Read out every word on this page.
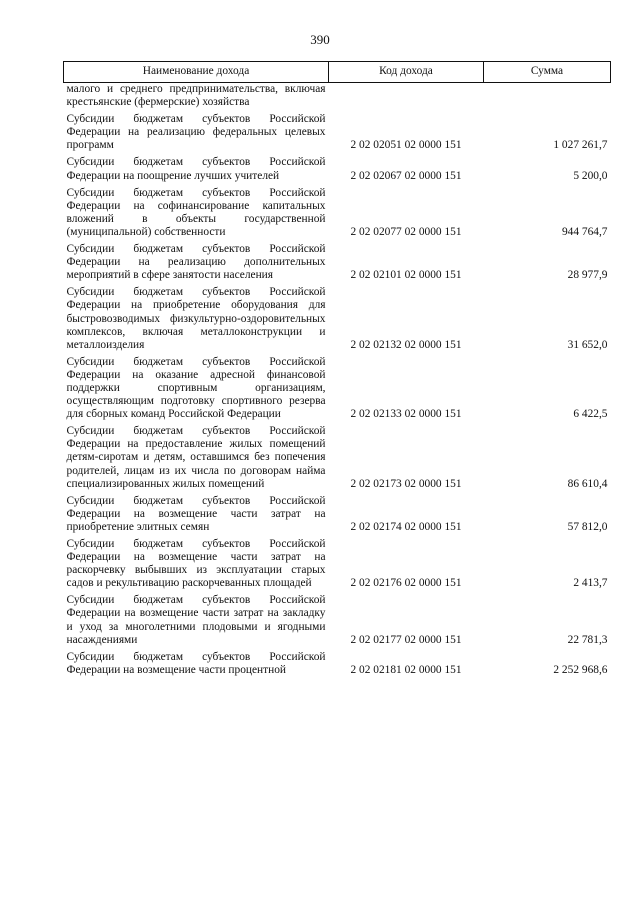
390
Наименование дохода	Код дохода	Сумма
малого и среднего предпринимательства, включая крестьянские (фермерские) хозяйства		
Субсидии бюджетам субъектов Российской Федерации на реализацию федеральных целевых программ	2 02 02051 02 0000 151	1 027 261,7
Субсидии бюджетам субъектов Российской Федерации на поощрение лучших учителей	2 02 02067 02 0000 151	5 200,0
Субсидии бюджетам субъектов Российской Федерации на софинансирование капитальных вложений в объекты государственной (муниципальной) собственности	2 02 02077 02 0000 151	944 764,7
Субсидии бюджетам субъектов Российской Федерации на реализацию дополнительных мероприятий в сфере занятости населения	2 02 02101 02 0000 151	28 977,9
Субсидии бюджетам субъектов Российской Федерации на приобретение оборудования для быстровозводимых физкультурно-оздоровительных комплексов, включая металлоконструкции и металлоизделия	2 02 02132 02 0000 151	31 652,0
Субсидии бюджетам субъектов Российской Федерации на оказание адресной финансовой поддержки спортивным организациям, осуществляющим подготовку спортивного резерва для сборных команд Российской Федерации	2 02 02133 02 0000 151	6 422,5
Субсидии бюджетам субъектов Российской Федерации на предоставление жилых помещений детям-сиротам и детям, оставшимся без попечения родителей, лицам из их числа по договорам найма специализированных жилых помещений	2 02 02173 02 0000 151	86 610,4
Субсидии бюджетам субъектов Российской Федерации на возмещение части затрат на приобретение элитных семян	2 02 02174 02 0000 151	57 812,0
Субсидии бюджетам субъектов Российской Федерации на возмещение части затрат на раскорчевку выбывших из эксплуатации старых садов и рекультивацию раскорчеванных площадей	2 02 02176 02 0000 151	2 413,7
Субсидии бюджетам субъектов Российской Федерации на возмещение части затрат на закладку и уход за многолетними плодовыми и ягодными насаждениями	2 02 02177 02 0000 151	22 781,3
Субсидии бюджетам субъектов Российской Федерации на возмещение части процентной	2 02 02181 02 0000 151	2 252 968,6
